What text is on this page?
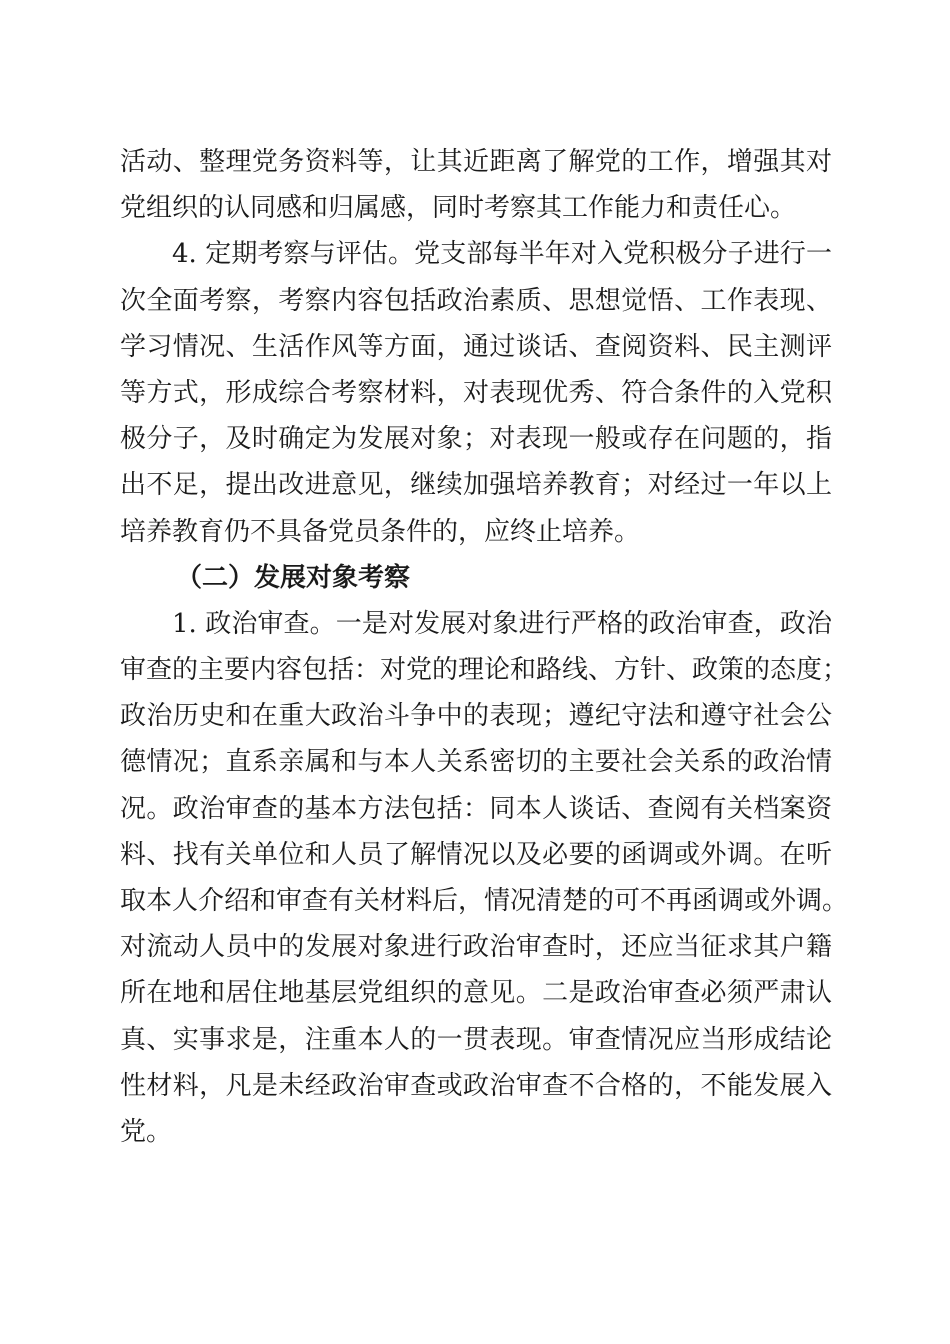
活动、整理党务资料等，让其近距离了解党的工作，增强其对
党组织的认同感和归属感，同时考察其工作能力和责任心。
4. 定期考察与评估。党支部每半年对入党积极分子进行一
次全面考察，考察内容包括政治素质、思想觉悟、工作表现、
学习情况、生活作风等方面，通过谈话、查阅资料、民主测评
等方式，形成综合考察材料，对表现优秀、符合条件的入党积
极分子，及时确定为发展对象；对表现一般或存在问题的，指
出不足，提出改进意见，继续加强培养教育；对经过一年以上
培养教育仍不具备党员条件的，应终止培养。
（二）发展对象考察
1. 政治审查。一是对发展对象进行严格的政治审查，政治
审查的主要内容包括：对党的理论和路线、方针、政策的态度；
政治历史和在重大政治斗争中的表现；遵纪守法和遵守社会公
德情况；直系亲属和与本人关系密切的主要社会关系的政治情
况。政治审查的基本方法包括：同本人谈话、查阅有关档案资
料、找有关单位和人员了解情况以及必要的函调或外调。在听
取本人介绍和审查有关材料后，情况清楚的可不再函调或外调。
对流动人员中的发展对象进行政治审查时，还应当征求其户籍
所在地和居住地基层党组织的意见。二是政治审查必须严肃认
真、实事求是，注重本人的一贯表现。审查情况应当形成结论
性材料，凡是未经政治审查或政治审查不合格的，不能发展入
党。
